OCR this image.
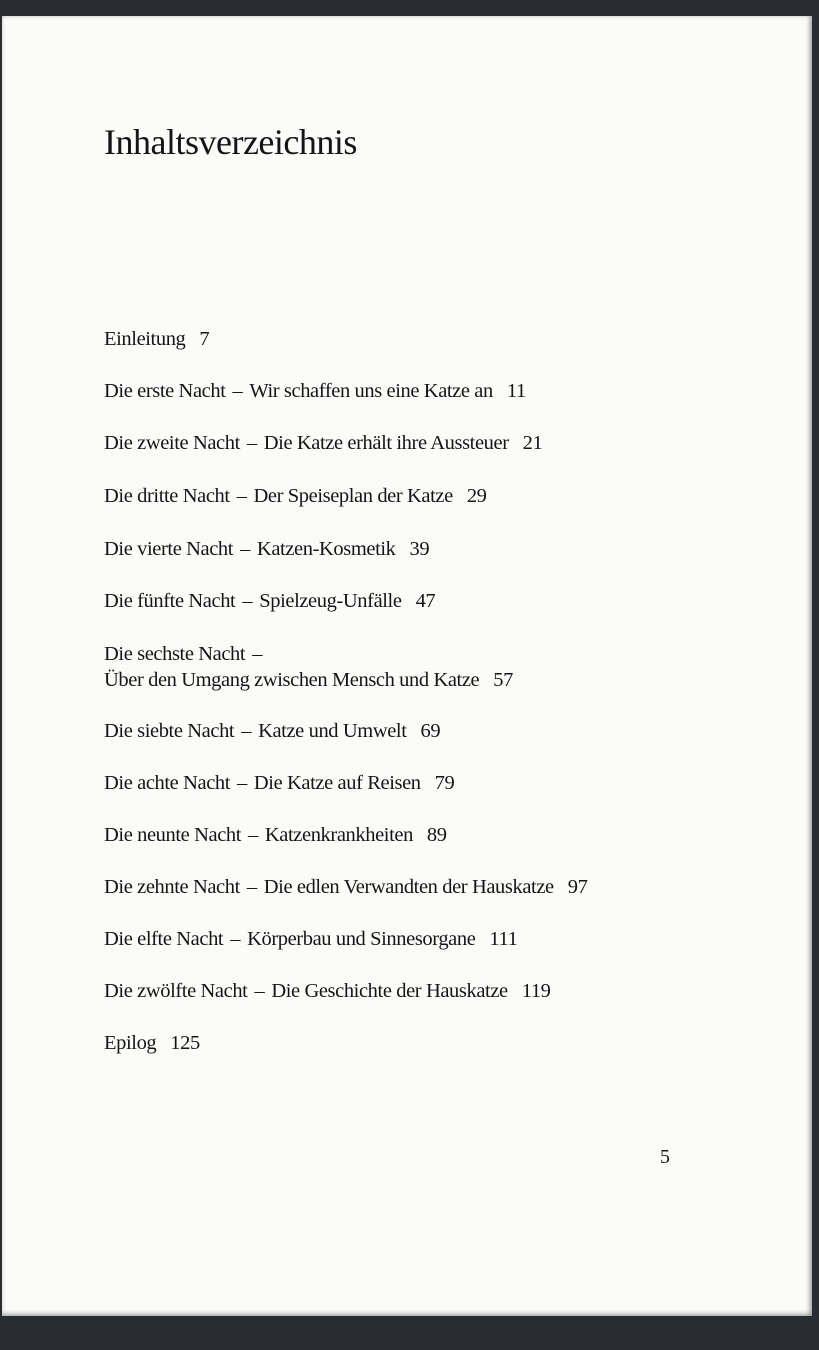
Inhaltsverzeichnis
Einleitung 7
Die erste Nacht – Wir schaffen uns eine Katze an 11
Die zweite Nacht – Die Katze erhält ihre Aussteuer 21
Die dritte Nacht – Der Speiseplan der Katze 29
Die vierte Nacht – Katzen-Kosmetik 39
Die fünfte Nacht – Spielzeug-Unfälle 47
Die sechste Nacht –
Über den Umgang zwischen Mensch und Katze 57
Die siebte Nacht – Katze und Umwelt 69
Die achte Nacht – Die Katze auf Reisen 79
Die neunte Nacht – Katzenkrankheiten 89
Die zehnte Nacht – Die edlen Verwandten der Hauskatze 97
Die elfte Nacht – Körperbau und Sinnesorgane 111
Die zwölfte Nacht – Die Geschichte der Hauskatze 119
Epilog 125
5
